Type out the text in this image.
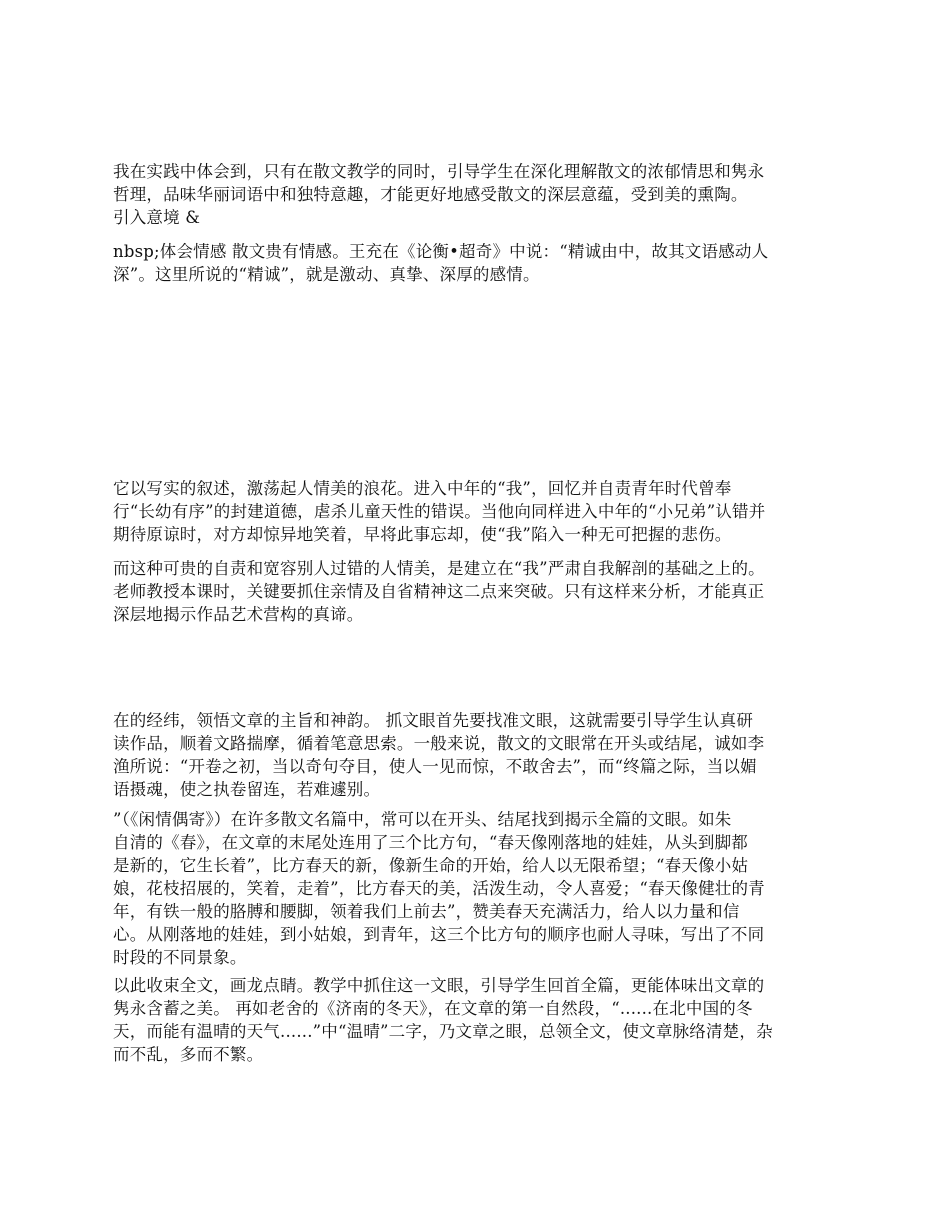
我在实践中体会到，只有在散文教学的同时，引导学生在深化理解散文的浓郁情思和隽永
哲理，品味华丽词语中和独特意趣，才能更好地感受散文的深层意蕴，受到美的熏陶。
引入意境 &

nbsp;体会情感 散文贵有情感。王充在《论衡•超奇》中说：“精诚由中，故其文语感动人
深”。这里所说的“精诚”，就是激动、真挚、深厚的感情。

它以写实的叙述，激荡起人情美的浪花。进入中年的“我”，回忆并自责青年时代曾奉
行“长幼有序”的封建道德，虐杀儿童天性的错误。当他向同样进入中年的“小兄弟”认错并
期待原谅时，对方却惊异地笑着，早将此事忘却，使“我”陷入一种无可把握的悲伤。

而这种可贵的自责和宽容别人过错的人情美，是建立在“我”严肃自我解剖的基础之上的。
老师教授本课时，关键要抓住亲情及自省精神这二点来突破。只有这样来分析，才能真正
深层地揭示作品艺术营构的真谛。

在的经纬，领悟文章的主旨和神韵。 抓文眼首先要找准文眼，这就需要引导学生认真研
读作品，顺着文路揣摩，循着笔意思索。一般来说，散文的文眼常在开头或结尾，诚如李
渔所说：“开卷之初，当以奇句夺目，使人一见而惊，不敢舍去”，而“终篇之际，当以媚
语摄魂，使之执卷留连，若难遽别。

”（《闲情偶寄》）在许多散文名篇中，常可以在开头、结尾找到揭示全篇的文眼。如朱
自清的《春》，在文章的末尾处连用了三个比方句，“春天像刚落地的娃娃，从头到脚都
是新的，它生长着”，比方春天的新，像新生命的开始，给人以无限希望；“春天像小姑
娘，花枝招展的，笑着，走着”，比方春天的美，活泼生动，令人喜爱；“春天像健壮的青
年，有铁一般的胳膊和腰脚，领着我们上前去”，赞美春天充满活力，给人以力量和信
心。从刚落地的娃娃，到小姑娘，到青年，这三个比方句的顺序也耐人寻味，写出了不同
时段的不同景象。

以此收束全文，画龙点睛。教学中抓住这一文眼，引导学生回首全篇，更能体味出文章的
隽永含蓄之美。 再如老舍的《济南的冬天》，在文章的第一自然段，“......在北中国的冬
天，而能有温晴的天气......”中“温晴”二字，乃文章之眼，总领全文，使文章脉络清楚，杂
而不乱，多而不繁。
